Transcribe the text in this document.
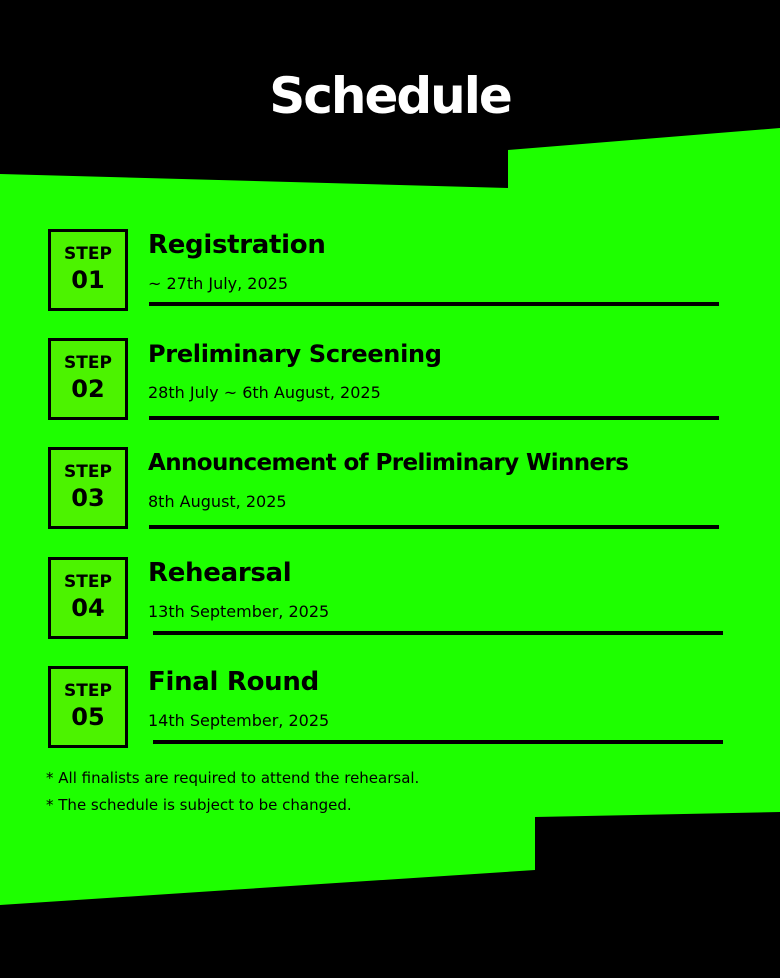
Schedule
STEP
01
Registration
~ 27th July, 2025
STEP
02
Preliminary Screening
28th July ~ 6th August, 2025
STEP
03
Announcement of Preliminary Winners
8th August, 2025
STEP
04
Rehearsal
13th September, 2025
STEP
05
Final Round
14th September, 2025
* All finalists are required to attend the rehearsal.
* The schedule is subject to be changed.
